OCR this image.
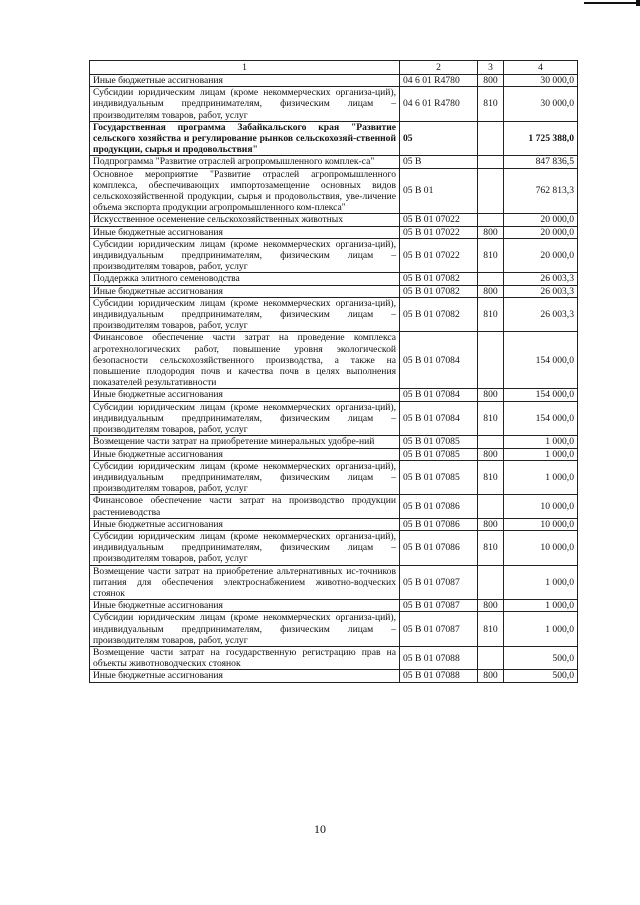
1	2	3	4
Иные бюджетные ассигнования	04 6 01 R4780	800	30 000,0
Субсидии юридическим лицам (кроме некоммерческих организа-ций), индивидуальным предпринимателям, физическим лицам – производителям товаров, работ, услуг	04 6 01 R4780	810	30 000,0
Государственная программа Забайкальского края "Развитие сельского хозяйства и регулирование рынков сельскохозяй-ственной продукции, сырья и продовольствия"	05		1 725 388,0
Подпрограмма "Развитие отраслей агропромышленного комплек-са"	05 В		847 836,5
Основное мероприятие "Развитие отраслей агропромышленного комплекса, обеспечивающих импортозамещение основных видов сельскохозяйственной продукции, сырья и продовольствия, уве-личение объема экспорта продукции агропромышленного ком-плекса"	05 В 01		762 813,3
Искусственное осеменение сельскохозяйственных животных	05 В 01 07022		20 000,0
Иные бюджетные ассигнования	05 В 01 07022	800	20 000,0
Субсидии юридическим лицам (кроме некоммерческих организа-ций), индивидуальным предпринимателям, физическим лицам – производителям товаров, работ, услуг	05 В 01 07022	810	20 000,0
Поддержка элитного семеноводства	05 В 01 07082		26 003,3
Иные бюджетные ассигнования	05 В 01 07082	800	26 003,3
Субсидии юридическим лицам (кроме некоммерческих организа-ций), индивидуальным предпринимателям, физическим лицам – производителям товаров, работ, услуг	05 В 01 07082	810	26 003,3
Финансовое обеспечение части затрат на проведение комплекса агротехнологических работ, повышение уровня экологической безопасности сельскохозяйственного производства, а также на повышение плодородия почв и качества почв в целях выполнения показателей результативности	05 В 01 07084		154 000,0
Иные бюджетные ассигнования	05 В 01 07084	800	154 000,0
Субсидии юридическим лицам (кроме некоммерческих организа-ций), индивидуальным предпринимателям, физическим лицам – производителям товаров, работ, услуг	05 В 01 07084	810	154 000,0
Возмещение части затрат на приобретение минеральных удобре-ний	05 В 01 07085		1 000,0
Иные бюджетные ассигнования	05 В 01 07085	800	1 000,0
Субсидии юридическим лицам (кроме некоммерческих организа-ций), индивидуальным предпринимателям, физическим лицам – производителям товаров, работ, услуг	05 В 01 07085	810	1 000,0
Финансовое обеспечение части затрат на производство продукции растениеводства	05 В 01 07086		10 000,0
Иные бюджетные ассигнования	05 В 01 07086	800	10 000,0
Субсидии юридическим лицам (кроме некоммерческих организа-ций), индивидуальным предпринимателям, физическим лицам – производителям товаров, работ, услуг	05 В 01 07086	810	10 000,0
Возмещение части затрат на приобретение альтернативных ис-точников питания для обеспечения электроснабжением животно-водческих стоянок	05 В 01 07087		1 000,0
Иные бюджетные ассигнования	05 В 01 07087	800	1 000,0
Субсидии юридическим лицам (кроме некоммерческих организа-ций), индивидуальным предпринимателям, физическим лицам – производителям товаров, работ, услуг	05 В 01 07087	810	1 000,0
Возмещение части затрат на государственную регистрацию прав на объекты животноводческих стоянок	05 В 01 07088		500,0
Иные бюджетные ассигнования	05 В 01 07088	800	500,0
10
